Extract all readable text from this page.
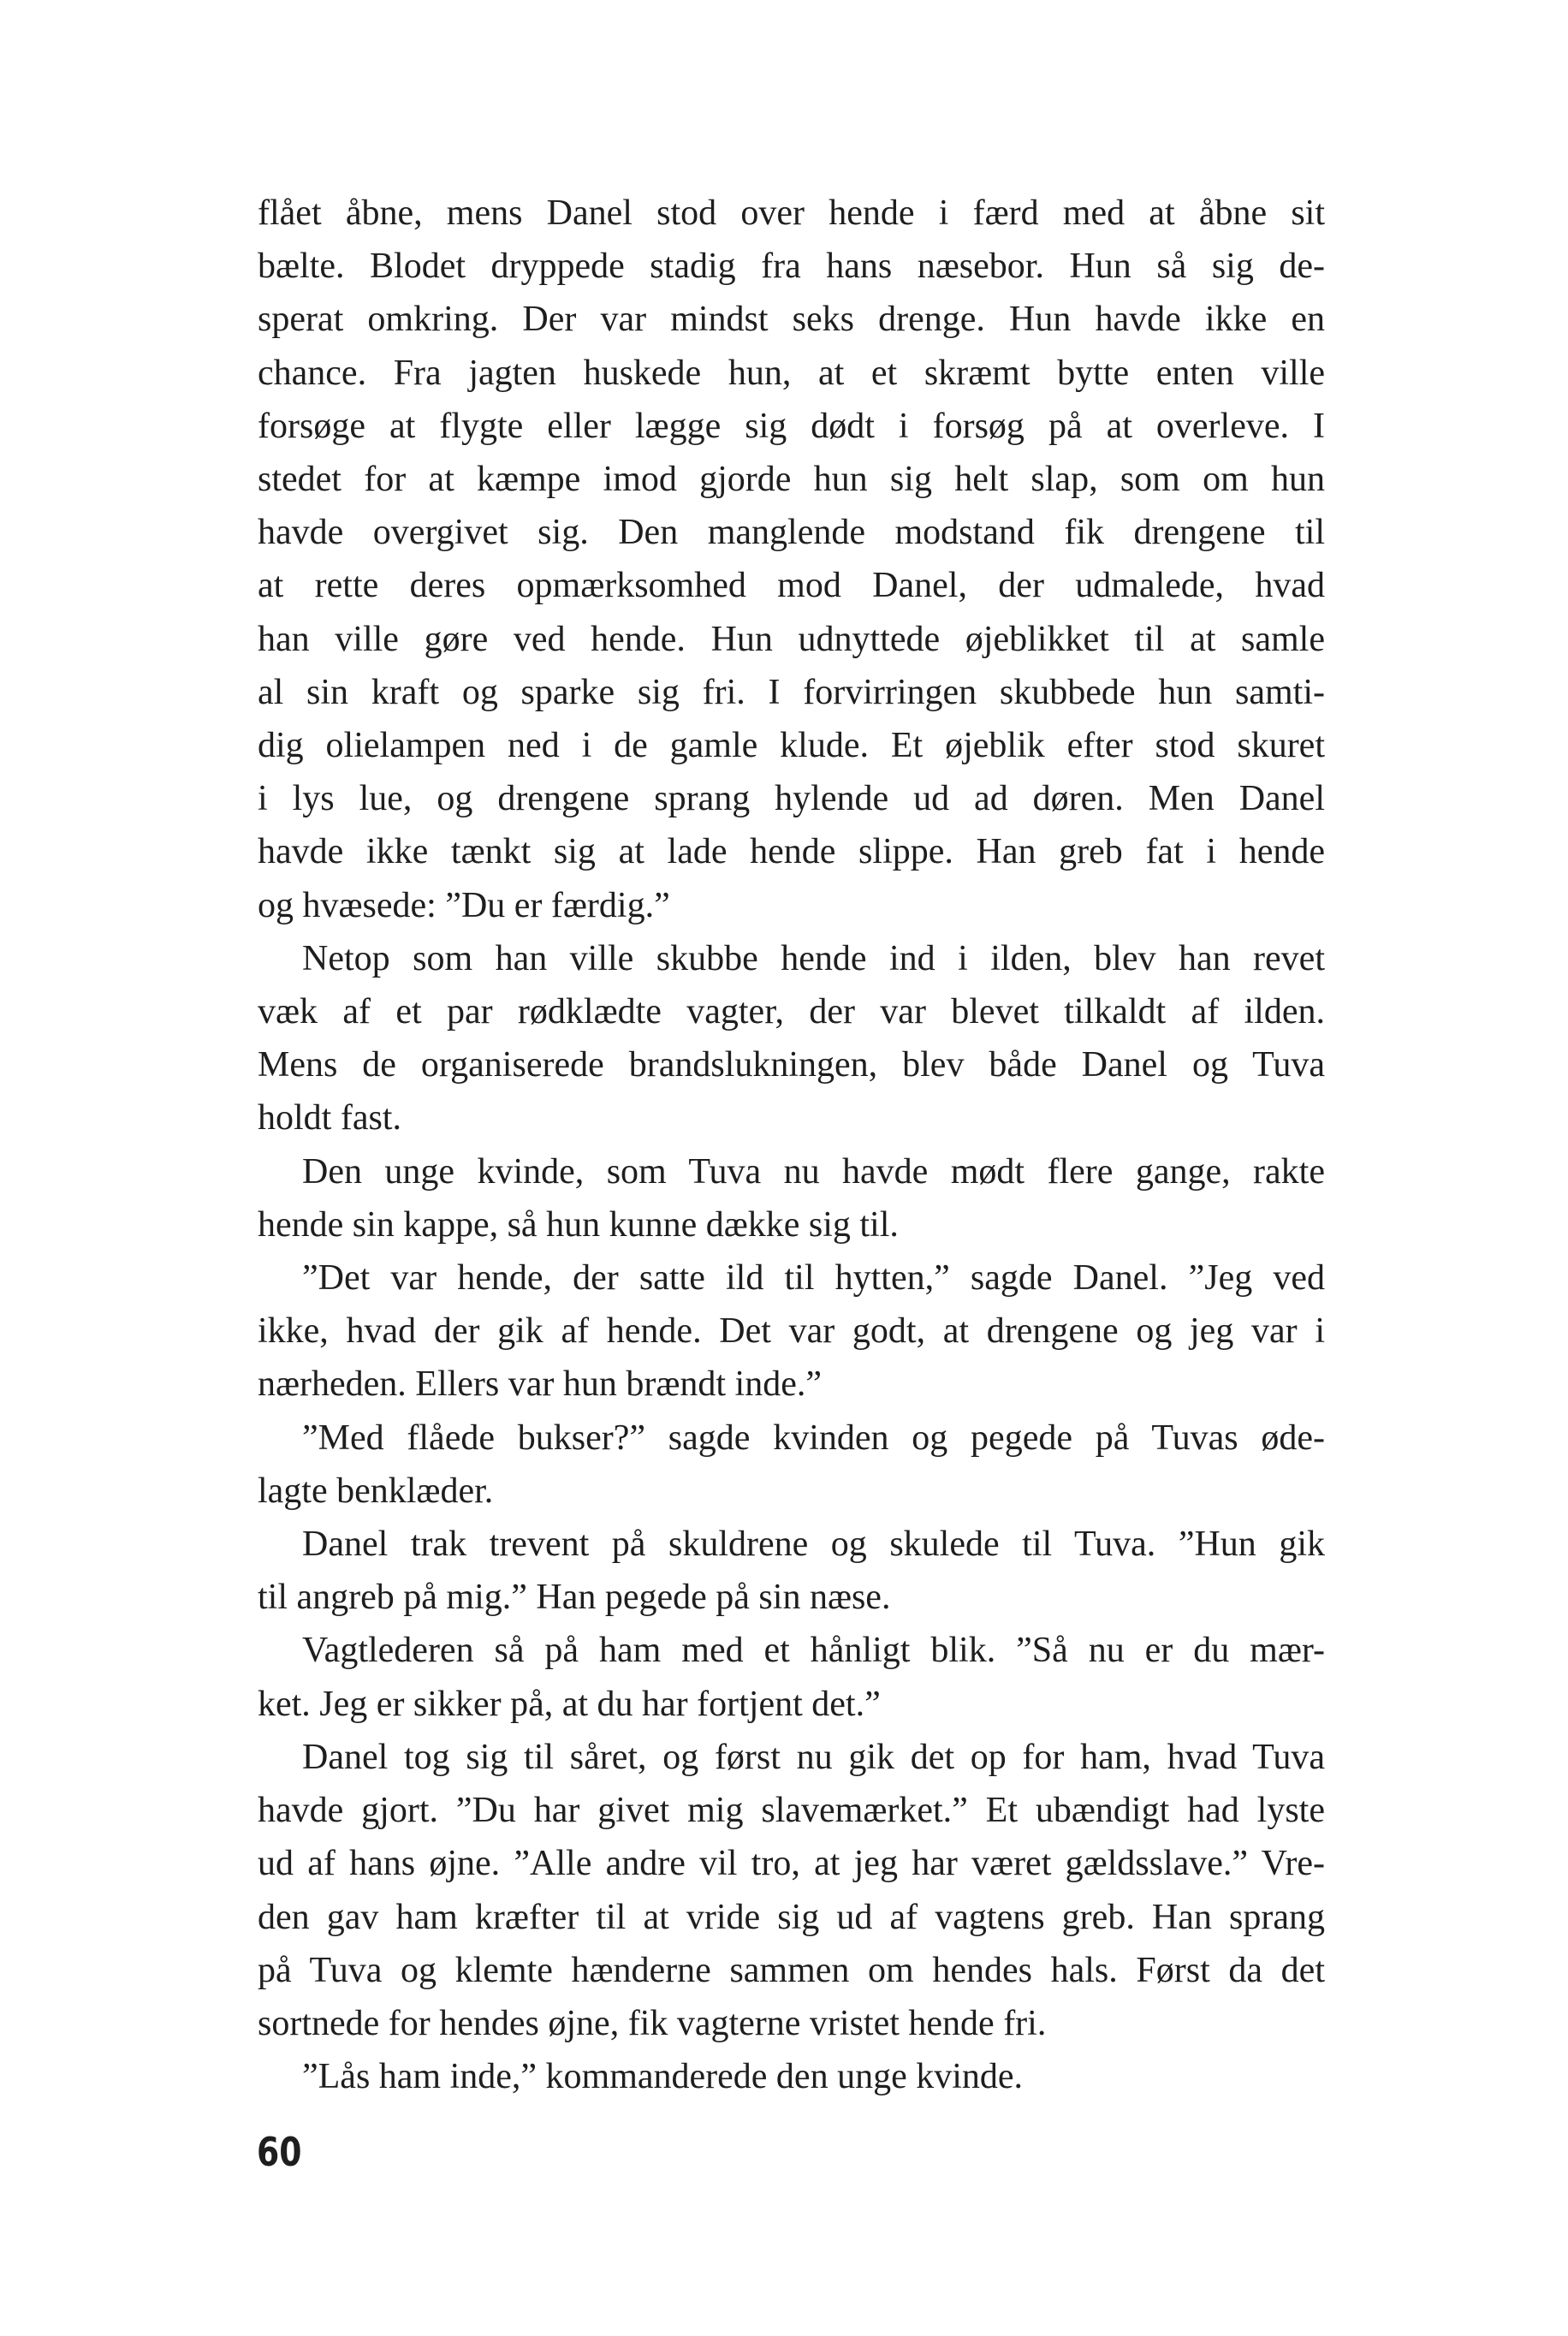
flået åbne, mens Danel stod over hende i færd med at åbne sit
bælte. Blodet dryppede stadig fra hans næsebor. Hun så sig de-
sperat omkring. Der var mindst seks drenge. Hun havde ikke en
chance. Fra jagten huskede hun, at et skræmt bytte enten ville
forsøge at flygte eller lægge sig dødt i forsøg på at overleve. I
stedet for at kæmpe imod gjorde hun sig helt slap, som om hun
havde overgivet sig. Den manglende modstand fik drengene til
at rette deres opmærksomhed mod Danel, der udmalede, hvad
han ville gøre ved hende. Hun udnyttede øjeblikket til at samle
al sin kraft og sparke sig fri. I forvirringen skubbede hun samti-
dig olielampen ned i de gamle klude. Et øjeblik efter stod skuret
i lys lue, og drengene sprang hylende ud ad døren. Men Danel
havde ikke tænkt sig at lade hende slippe. Han greb fat i hende
og hvæsede: ”Du er færdig.”
Netop som han ville skubbe hende ind i ilden, blev han revet
væk af et par rødklædte vagter, der var blevet tilkaldt af ilden.
Mens de organiserede brandslukningen, blev både Danel og Tuva
holdt fast.
Den unge kvinde, som Tuva nu havde mødt flere gange, rakte
hende sin kappe, så hun kunne dække sig til.
”Det var hende, der satte ild til hytten,” sagde Danel. ”Jeg ved
ikke, hvad der gik af hende. Det var godt, at drengene og jeg var i
nærheden. Ellers var hun brændt inde.”
”Med flåede bukser?” sagde kvinden og pegede på Tuvas øde-
lagte benklæder.
Danel trak trevent på skuldrene og skulede til Tuva. ”Hun gik
til angreb på mig.” Han pegede på sin næse.
Vagtlederen så på ham med et hånligt blik. ”Så nu er du mær-
ket. Jeg er sikker på, at du har fortjent det.”
Danel tog sig til såret, og først nu gik det op for ham, hvad Tuva
havde gjort. ”Du har givet mig slavemærket.” Et ubændigt had lyste
ud af hans øjne. ”Alle andre vil tro, at jeg har været gældsslave.” Vre-
den gav ham kræfter til at vride sig ud af vagtens greb. Han sprang
på Tuva og klemte hænderne sammen om hendes hals. Først da det
sortnede for hendes øjne, fik vagterne vristet hende fri.
”Lås ham inde,” kommanderede den unge kvinde.
60
